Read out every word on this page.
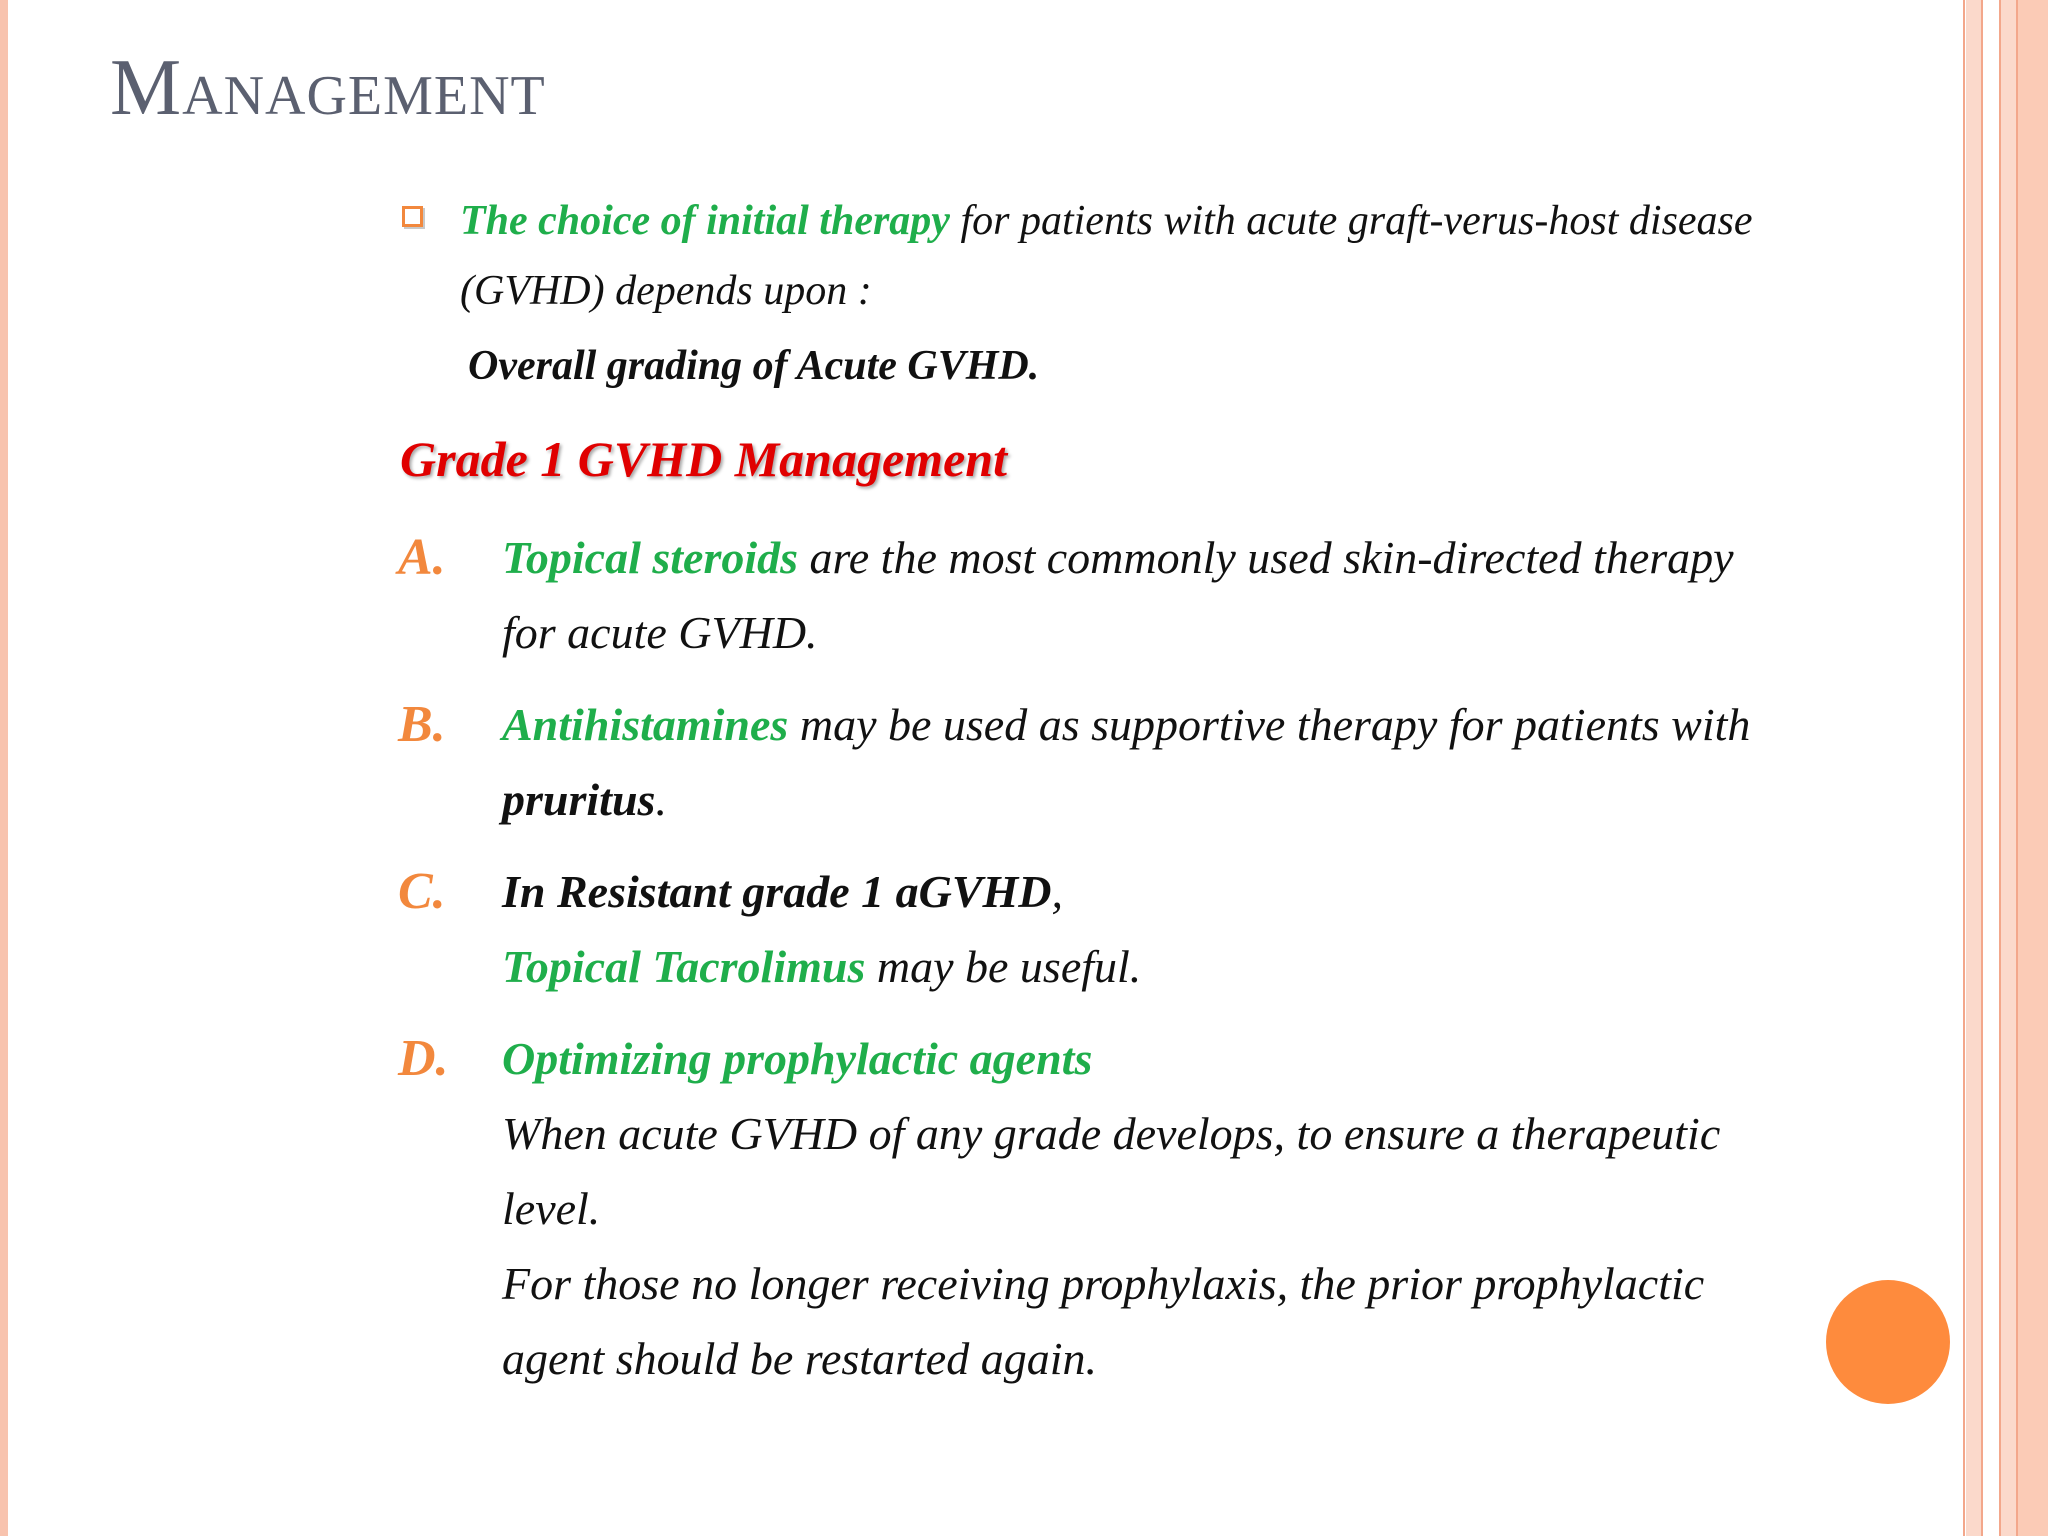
Management

The choice of initial therapy for patients with acute graft-verus-host disease (GVHD) depends upon :

Overall grading of Acute GVHD.

Grade 1 GVHD Management
A. Topical steroids are the most commonly used skin-directed therapy for acute GVHD.
B. Antihistamines may be used as supportive therapy for patients with pruritus.
C. In Resistant grade 1 aGVHD,
Topical Tacrolimus may be useful.
D. Optimizing prophylactic agents
When acute GVHD of any grade develops, to ensure a therapeutic level.
For those no longer receiving prophylaxis, the prior prophylactic agent should be restarted again.
